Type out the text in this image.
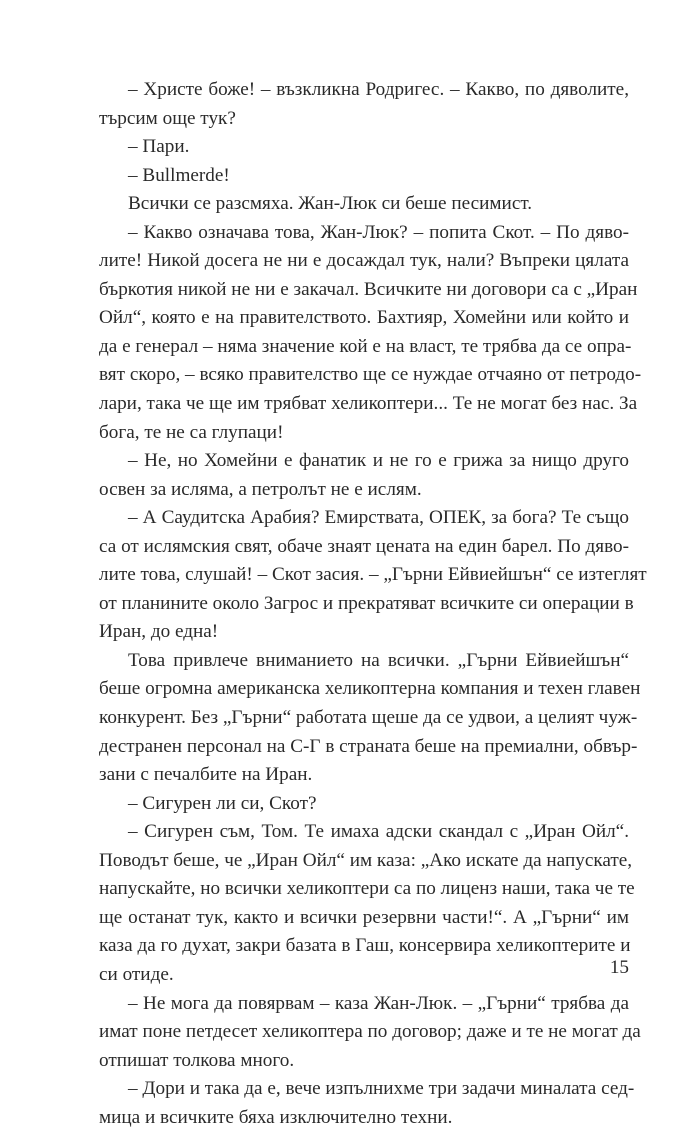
– Христе боже! – възкликна Родригес. – Какво, по дяволите,
търсим още тук?
– Пари.
– Bullmerde!
Всички се разсмяха. Жан-Люк си беше песимист.
– Какво означава това, Жан-Люк? – попита Скот. – По дяво-
лите! Никой досега не ни е досаждал тук, нали? Въпреки цялата
бъркотия никой не ни е закачал. Всичките ни договори са с „Иран
Ойл“, която е на правителството. Бахтияр, Хомейни или който и
да е генерал – няма значение кой е на власт, те трябва да се опра-
вят скоро, – всяко правителство ще се нуждае отчаяно от петродо-
лари, така че ще им трябват хеликоптери... Те не могат без нас. За
бога, те не са глупаци!
– Не, но Хомейни е фанатик и не го е грижа за нищо друго
освен за исляма, а петролът не е ислям.
– А Саудитска Арабия? Емирствата, ОПЕК, за бога? Те също
са от ислямския свят, обаче знаят цената на един барел. По дяво-
лите това, слушай! – Скот засия. – „Гърни Ейвиейшън“ се изтеглят
от планините около Загрос и прекратяват всичките си операции в
Иран, до една!
Това привлече вниманието на всички. „Гърни Ейвиейшън“
беше огромна американска хеликоптерна компания и техен главен
конкурент. Без „Гърни“ работата щеше да се удвои, а целият чуж-
дестранен персонал на С-Г в страната беше на премиални, обвър-
зани с печалбите на Иран.
– Сигурен ли си, Скот?
– Сигурен съм, Том. Те имаха адски скандал с „Иран Ойл“.
Поводът беше, че „Иран Ойл“ им каза: „Ако искате да напускате,
напускайте, но всички хеликоптери са по лиценз наши, така че те
ще останат тук, както и всички резервни части!“. А „Гърни“ им
каза да го духат, закри базата в Гаш, консервира хеликоптерите и
си отиде.
– Не мога да повярвам – каза Жан-Люк. – „Гърни“ трябва да
имат поне петдесет хеликоптера по договор; даже и те не могат да
отпишат толкова много.
– Дори и така да е, вече изпълнихме три задачи миналата сед-
мица и всичките бяха изключително техни.
15
